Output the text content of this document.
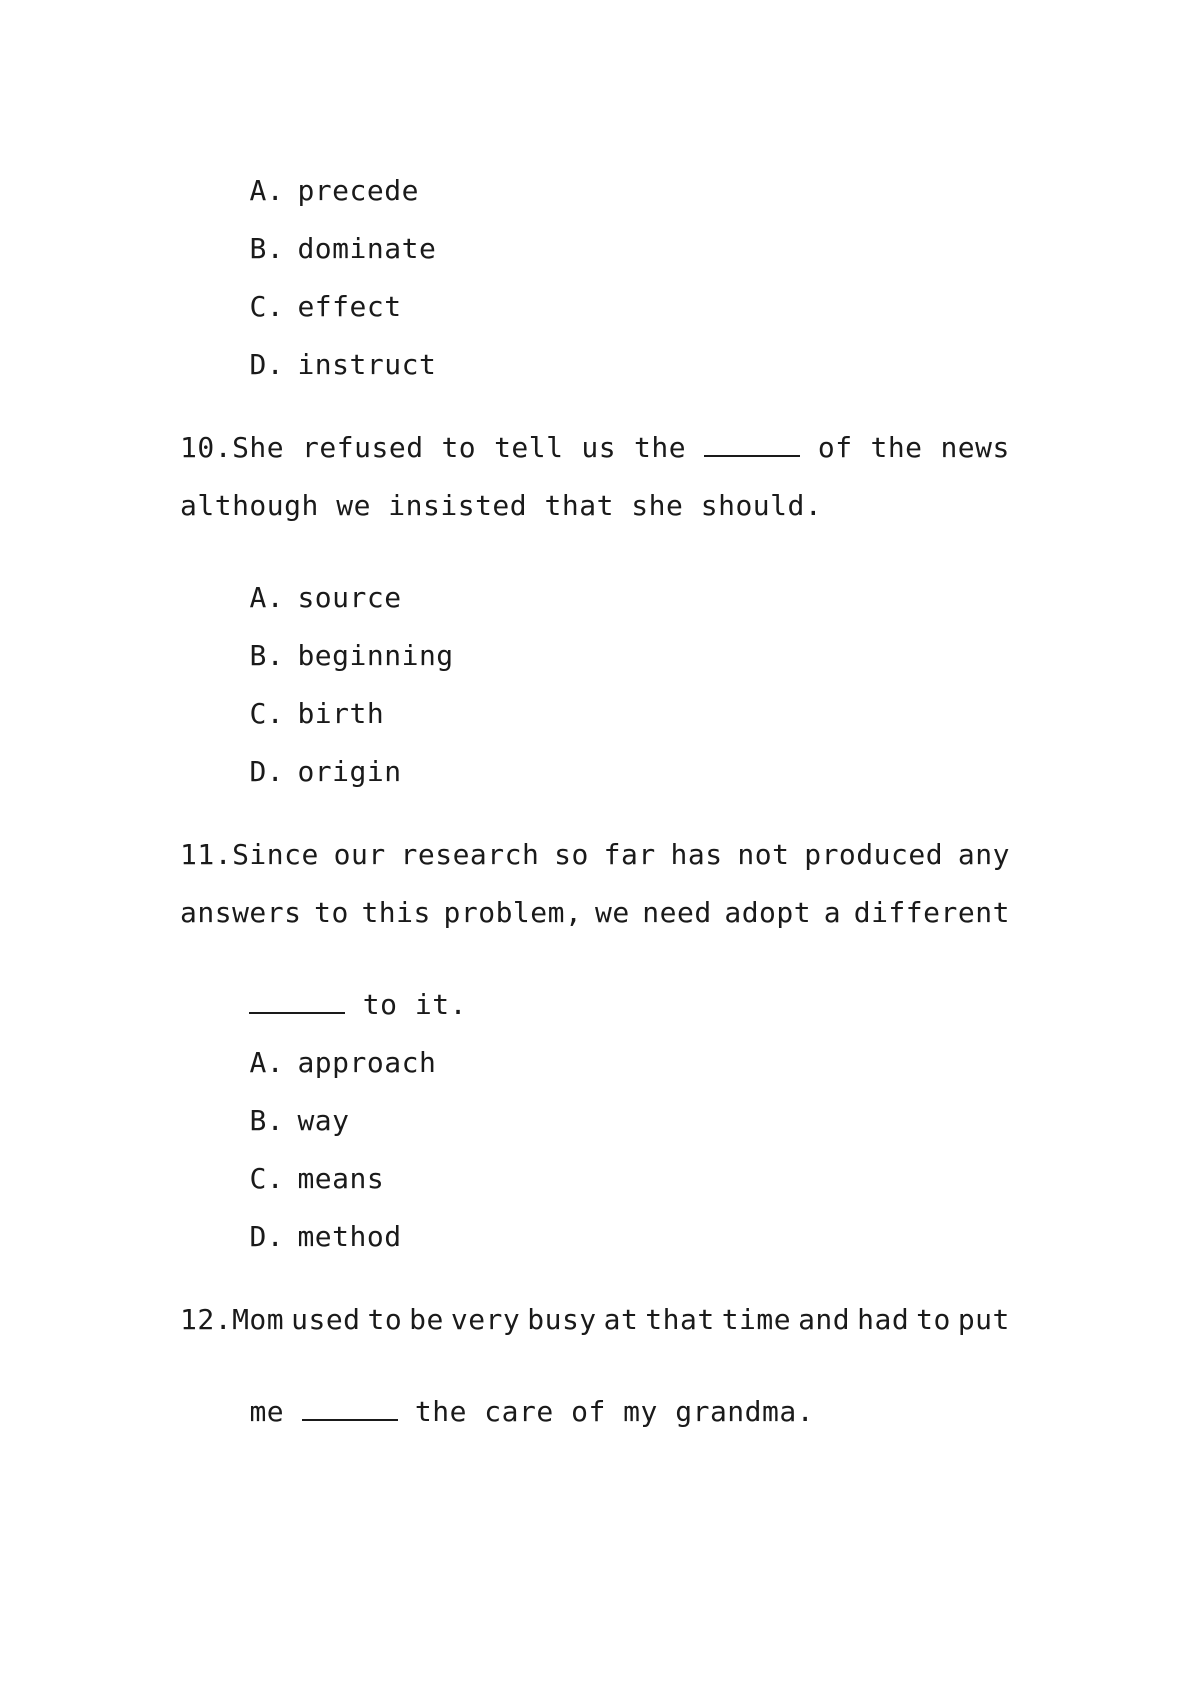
A. precede

B. dominate

C. effect

D. instruct

10.She refused to tell us the	of the news
although we insisted that she should.

A. source

B. beginning

C. birth

D. origin

11.Since our research so far has not produced any
answers to this problem, we need adopt a different

to it.

A. approach

B. way

C. means

D. method

12.Mom used to be very busy at that time and had to put

me	the care of my grandma.
